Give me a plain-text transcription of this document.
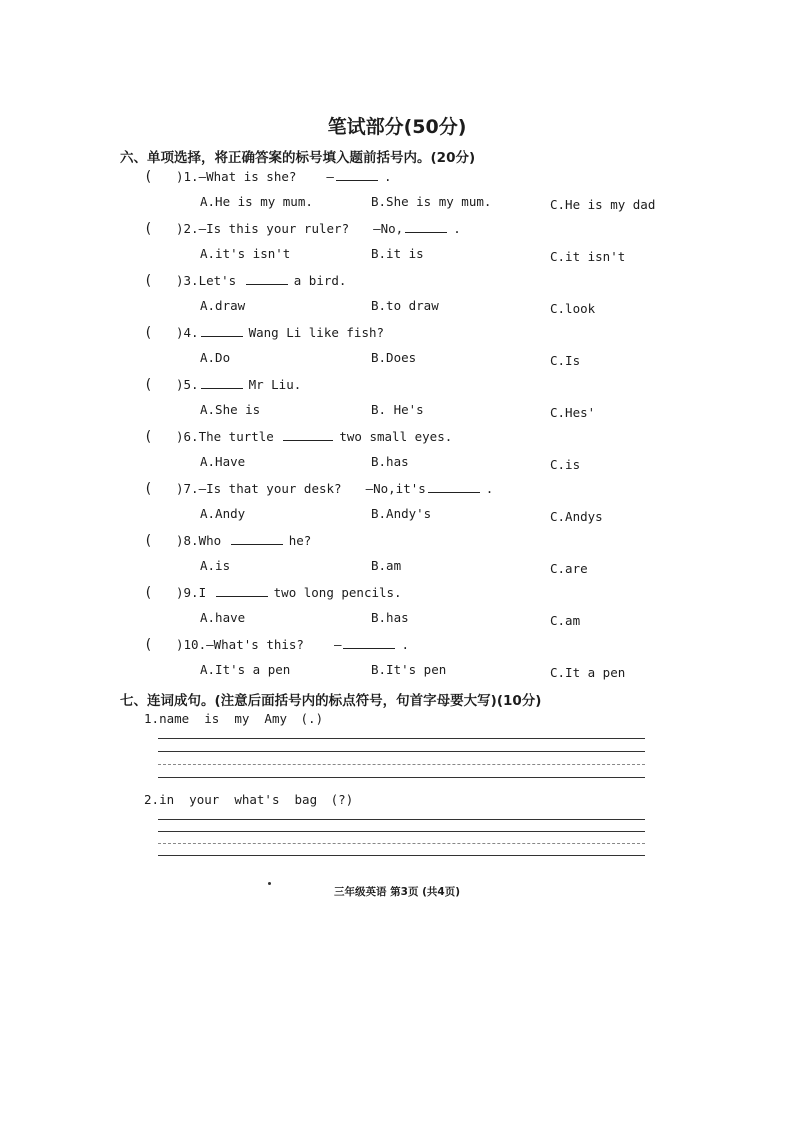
笔试部分(50分)
六、单项选择，将正确答案的标号填入题前括号内。(20分)
( )1.—What is she? —	.
A.He is my mum.	B.She is my mum.	C.He is my dad
( )2.—Is this your ruler? —No,	.
A.it's isn't	B.it is	C.it isn't
( )3.Let's	a bird.
A.draw	B.to draw	C.look
( )4.	Wang Li like fish?
A.Do	B.Does	C.Is
( )5.	Mr Liu.
A.She is	B. He's	C.Hes'
( )6.The turtle	two small eyes.
A.Have	B.has	C.is
( )7.—Is that your desk? —No,it's	.
A.Andy	B.Andy's	C.Andys
( )8.Who	he?
A.is	B.am	C.are
( )9.I	two long pencils.
A.have	B.has	C.am
( )10.—What's this? —	.
A.It's a pen	B.It's pen	C.It a pen
七、连词成句。(注意后面括号内的标点符号，句首字母要大写)(10分)
1.name  is  my  Amy (.)
2.in  your  what's  bag (?)
三年级英语 第3页 (共4页)
